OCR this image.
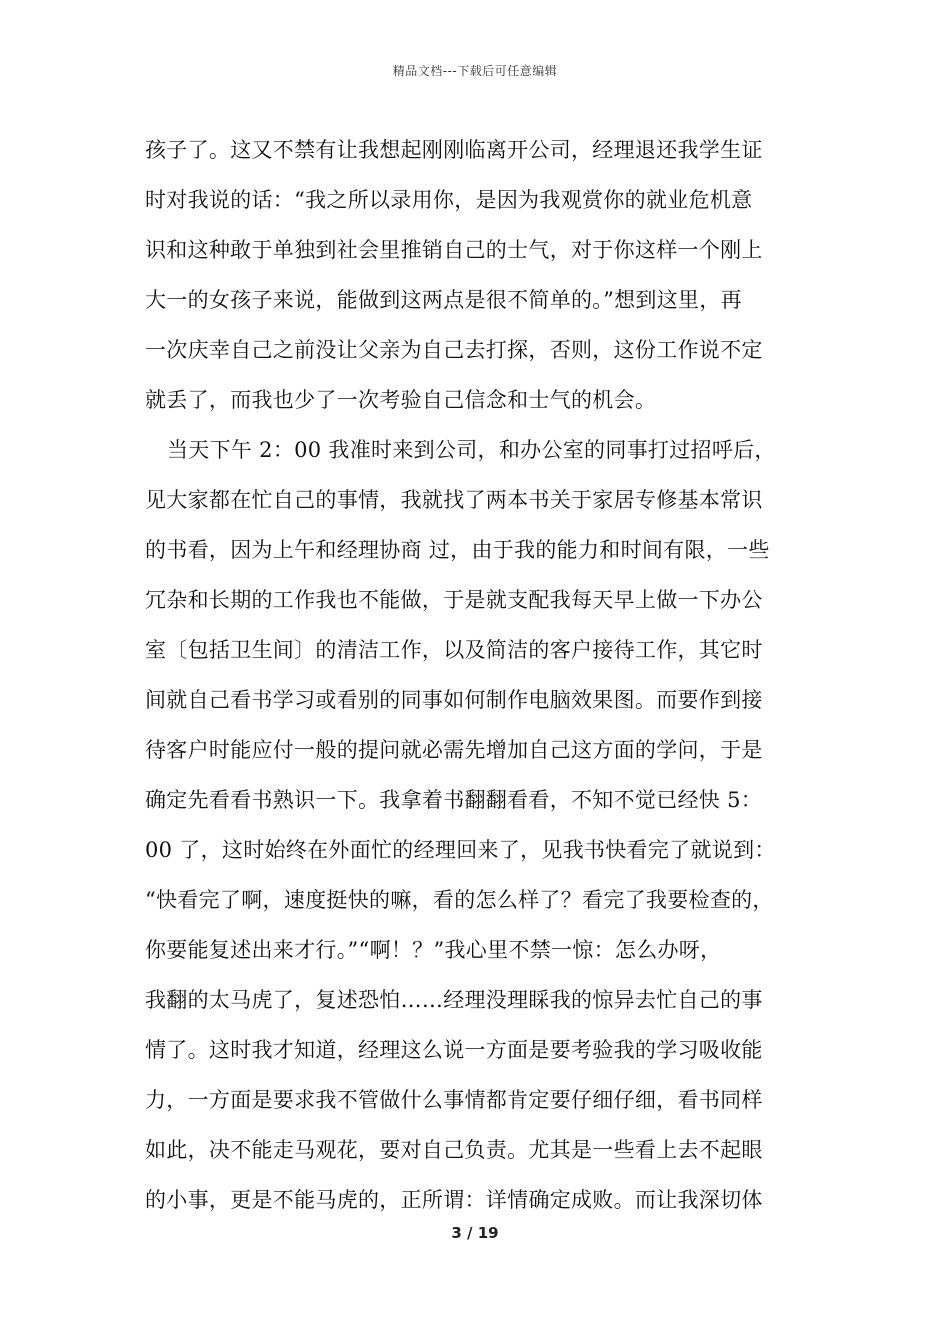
精品文档---下载后可任意编辑
孩子了。这又不禁有让我想起刚刚临离开公司，经理退还我学生证
时对我说的话：“我之所以录用你，是因为我观赏你的就业危机意
识和这种敢于单独到社会里推销自己的士气，对于你这样一个刚上
大一的女孩子来说，能做到这两点是很不简单的。”想到这里，再
一次庆幸自己之前没让父亲为自己去打探，否则，这份工作说不定
就丢了，而我也少了一次考验自己信念和士气的机会。
当天下午 2：00 我准时来到公司，和办公室的同事打过招呼后，
见大家都在忙自己的事情，我就找了两本书关于家居专修基本常识
的书看，因为上午和经理协商 过，由于我的能力和时间有限，一些
冗杂和长期的工作我也不能做，于是就支配我每天早上做一下办公
室〔包括卫生间〕的清洁工作，以及简洁的客户接待工作，其它时
间就自己看书学习或看别的同事如何制作电脑效果图。而要作到接
待客户时能应付一般的提问就必需先增加自己这方面的学问，于是
确定先看看书熟识一下。我拿着书翻翻看看，不知不觉已经快 5：
00 了，这时始终在外面忙的经理回来了，见我书快看完了就说到：
“快看完了啊，速度挺快的嘛，看的怎么样了？看完了我要检查的，
你要能复述出来才行。”“啊！？”我心里不禁一惊：怎么办呀，
我翻的太马虎了，复述恐怕……经理没理睬我的惊异去忙自己的事
情了。这时我才知道，经理这么说一方面是要考验我的学习吸收能
力，一方面是要求我不管做什么事情都肯定要仔细仔细，看书同样
如此，决不能走马观花，要对自己负责。尤其是一些看上去不起眼
的小事，更是不能马虎的，正所谓：详情确定成败。而让我深切体
3 / 19
